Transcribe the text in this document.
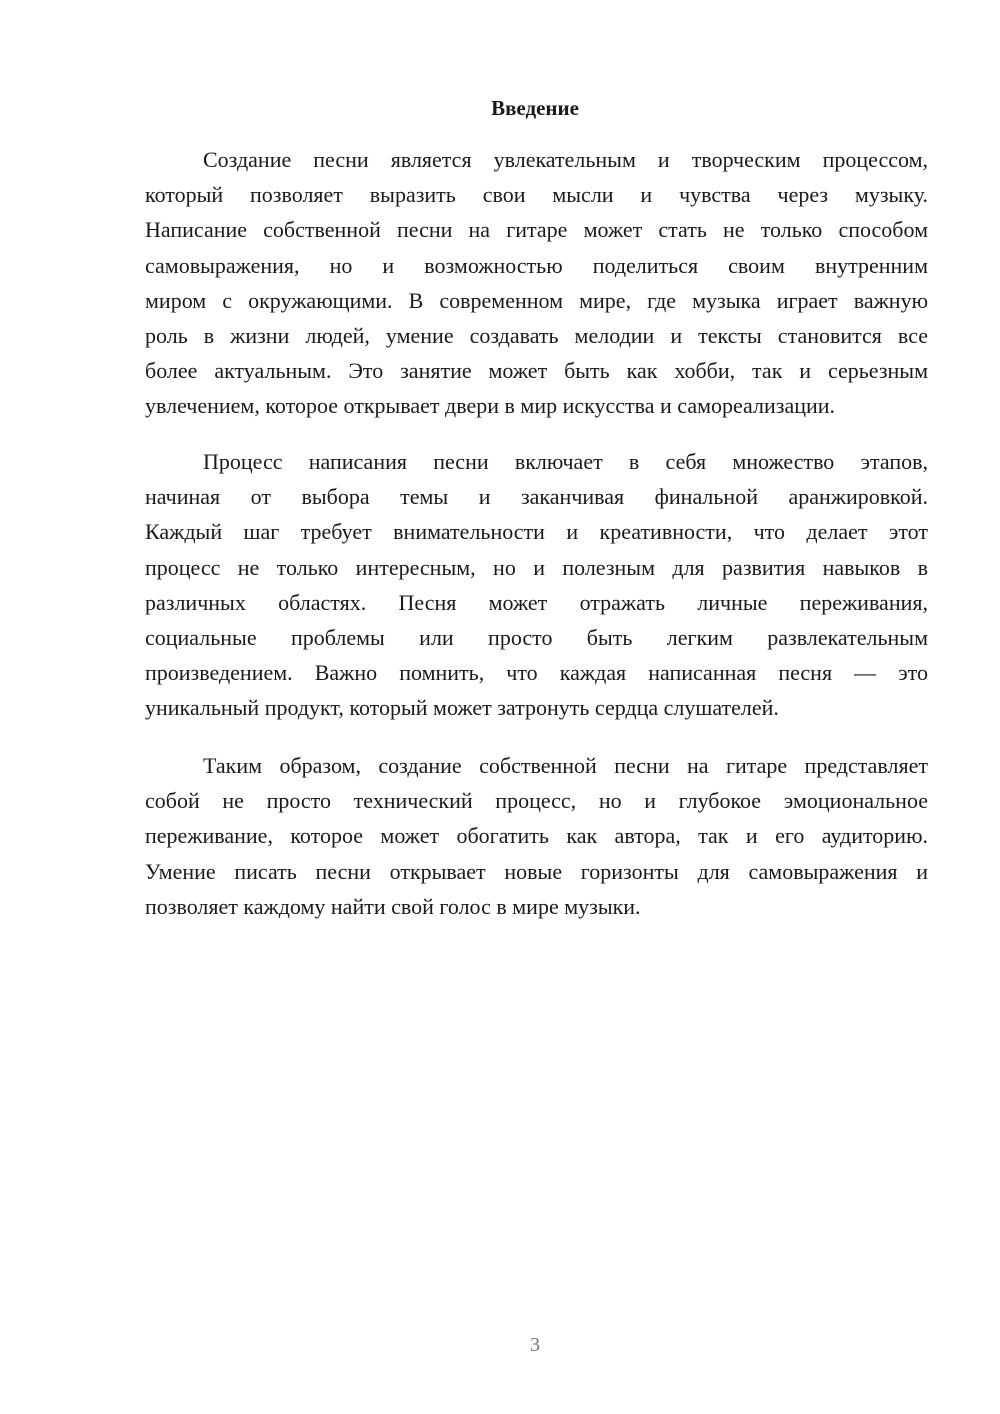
Введение
Создание песни является увлекательным и творческим процессом,
который позволяет выразить свои мысли и чувства через музыку.
Написание собственной песни на гитаре может стать не только способом
самовыражения, но и возможностью поделиться своим внутренним
миром с окружающими. В современном мире, где музыка играет важную
роль в жизни людей, умение создавать мелодии и тексты становится все
более актуальным. Это занятие может быть как хобби, так и серьезным
увлечением, которое открывает двери в мир искусства и самореализации.
Процесс написания песни включает в себя множество этапов,
начиная от выбора темы и заканчивая финальной аранжировкой.
Каждый шаг требует внимательности и креативности, что делает этот
процесс не только интересным, но и полезным для развития навыков в
различных областях. Песня может отражать личные переживания,
социальные проблемы или просто быть легким развлекательным
произведением. Важно помнить, что каждая написанная песня — это
уникальный продукт, который может затронуть сердца слушателей.
Таким образом, создание собственной песни на гитаре представляет
собой не просто технический процесс, но и глубокое эмоциональное
переживание, которое может обогатить как автора, так и его аудиторию.
Умение писать песни открывает новые горизонты для самовыражения и
позволяет каждому найти свой голос в мире музыки.
3
